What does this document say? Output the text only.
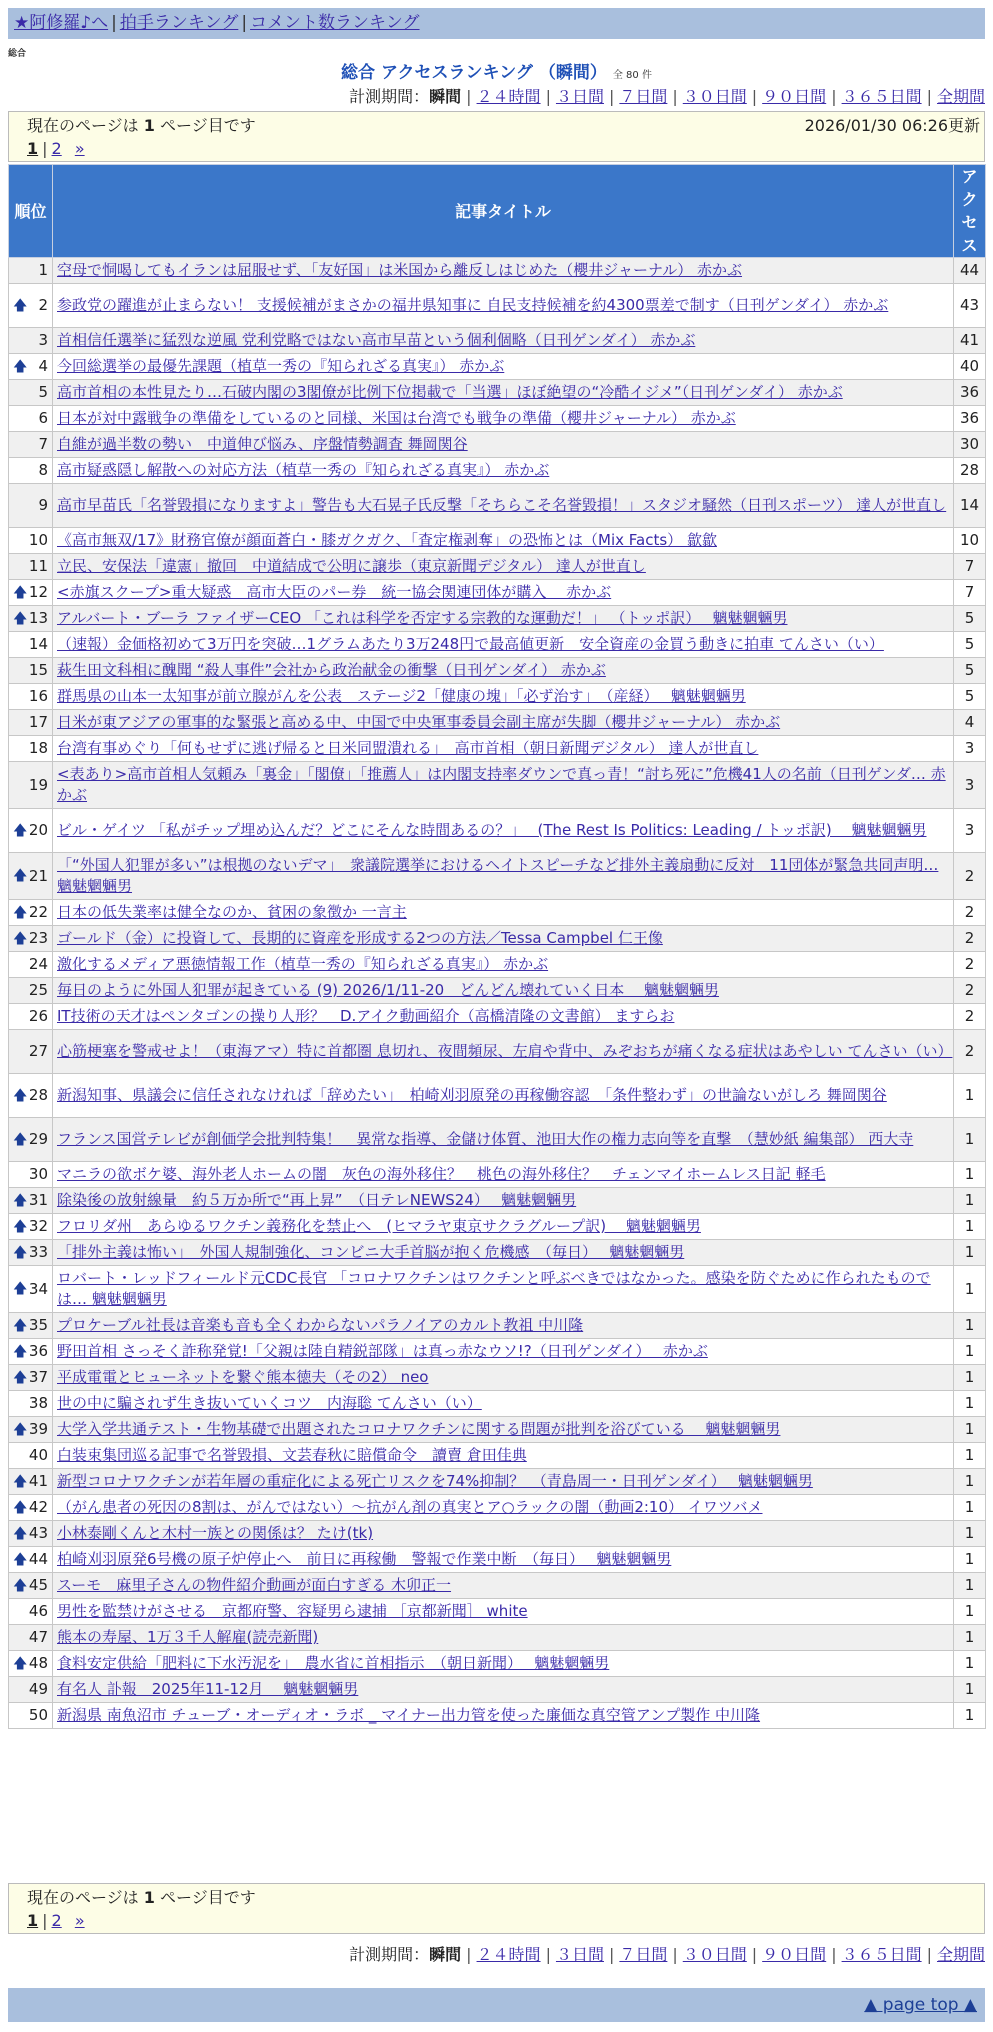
★阿修羅♪へ | 拍手ランキング | コメント数ランキング
総合
総合 アクセスランキング （瞬間） 全 80 件
計測期間：瞬間 | ２４時間 | ３日間 | ７日間 | ３０日間 | ９０日間 | ３６５日間 | 全期間
現在のページは 1 ページ目です	2026/01/30 06:26更新
1 | 2 »
順位	記事タイトル	アクセス
1	空母で恫喝してもイランは屈服せず、「友好国」は米国から離反しはじめた（櫻井ジャーナル） 赤かぶ	44

🡅 2	参政党の躍進が止まらない！ 支援候補がまさかの福井県知事に 自民支持候補を約4300票差で制す（日刊ゲンダイ） 赤かぶ	43
3	首相信任選挙に猛烈な逆風 党利党略ではない高市早苗という個利個略（日刊ゲンダイ） 赤かぶ	41

🡅 4	今回総選挙の最優先課題（植草一秀の『知られざる真実』） 赤かぶ	40
5	高市首相の本性見たり…石破内閣の3閣僚が比例下位掲載で「当選」ほぼ絶望の“冷酷イジメ”（日刊ゲンダイ） 赤かぶ	36
6	日本が対中露戦争の準備をしているのと同様、米国は台湾でも戦争の準備（櫻井ジャーナル） 赤かぶ	36
7	自維が過半数の勢い　中道伸び悩み、序盤情勢調査 舞岡関谷	30
8	高市疑惑隠し解散への対応方法（植草一秀の『知られざる真実』） 赤かぶ	28
9	高市早苗氏「名誉毀損になりますよ」警告も大石晃子氏反撃「そちらこそ名誉毀損！」スタジオ騒然（日刊スポーツ） 達人が世直し	14
10	《高市無双/17》財務官僚が顔面蒼白・膝ガクガク、「査定権剥奪」の恐怖とは（Mix Facts） 歙歙	10
11	立民、安保法「違憲」撤回　中道結成で公明に譲歩（東京新聞デジタル） 達人が世直し	7

🡅 12	<赤旗スクープ>重大疑惑　高市大臣のパー券　統一協会関連団体が購入　 赤かぶ	7

🡅 13	アルバート・ブーラ ファイザーCEO 「これは科学を否定する宗教的な運動だ！」 （トッポ訳）　 魑魅魍魎男	5
14	（速報）金価格初めて3万円を突破…1グラムあたり3万248円で最高値更新　安全資産の金買う動きに拍車 てんさい（い）	5
15	萩生田文科相に醜聞 “殺人事件”会社から政治献金の衝撃（日刊ゲンダイ） 赤かぶ	5
16	群馬県の山本一太知事が前立腺がんを公表　ステージ2「健康の塊」「必ず治す」　（産経）　 魑魅魍魎男	5
17	日米が東アジアの軍事的な緊張と高める中、中国で中央軍事委員会副主席が失脚（櫻井ジャーナル） 赤かぶ	4
18	台湾有事めぐり「何もせずに逃げ帰ると日米同盟潰れる」　高市首相（朝日新聞デジタル） 達人が世直し	3
19	<表あり>高市首相人気頼み「裏金」「閣僚」「推薦人」は内閣支持率ダウンで真っ青！“討ち死に”危機41人の名前（日刊ゲンダ… 赤かぶ	3

🡅 20	ビル・ゲイツ 「私がチップ埋め込んだ？どこにそんな時間あるの？」　 (The Rest Is Politics: Leading / トッポ訳)　 魑魅魍魎男	3

🡅 21	「“外国人犯罪が多い”は根拠のないデマ」　衆議院選挙におけるヘイトスピーチなど排外主義扇動に反対　11団体が緊急共同声明… 魑魅魍魎男	2

🡅 22	日本の低失業率は健全なのか、貧困の象徴か 一言主	2

🡅 23	ゴールド（金）に投資して、長期的に資産を形成する2つの方法／Tessa Campbel 仁王像	2
24	激化するメディア悪徳情報工作（植草一秀の『知られざる真実』） 赤かぶ	2
25	毎日のように外国人犯罪が起きている (9) 2026/1/11-20　どんどん壊れていく日本　 魑魅魍魎男	2
26	IT技術の天才はペンタゴンの操り人形？　D.アイク動画紹介（高橋清隆の文書館） ますらお	2
27	心筋梗塞を警戒せよ！（東海アマ）特に首都圏 息切れ、夜間頻尿、左肩や背中、みぞおちが痛くなる症状はあやしい てんさい（い）	2

🡅 28	新潟知事、県議会に信任されなければ「辞めたい」　柏崎刈羽原発の再稼働容認　「条件整わず」の世論ないがしろ 舞岡関谷	1

🡅 29	フランス国営テレビが創価学会批判特集！　異常な指導、金儲け体質、池田大作の権力志向等を直撃　（慧妙紙 編集部） 西大寺	1
30	マニラの欲ボケ婆、海外老人ホームの闇　灰色の海外移住？　桃色の海外移住？　チェンマイホームレス日記 軽毛	1

🡅 31	除染後の放射線量　約５万か所で“再上昇”　（日テレNEWS24）　 魑魅魍魎男	1

🡅 32	フロリダ州　あらゆるワクチン義務化を禁止へ　(ヒマラヤ東京サクラグループ訳)　 魑魅魍魎男	1

🡅 33	「排外主義は怖い」　外国人規制強化、コンビニ大手首脳が抱く危機感　（毎日）　 魑魅魍魎男	1

🡅 34	ロバート・レッドフィールド元CDC長官 「コロナワクチンはワクチンと呼ぶべきではなかった。感染を防ぐために作られたものでは… 魑魅魍魎男	1

🡅 35	プロケーブル社長は音楽も音も全くわからないパラノイアのカルト教祖 中川隆	1

🡅 36	野田首相 さっそく詐称発覚!「父親は陸自精鋭部隊」は真っ赤なウソ!?（日刊ゲンダイ）　 赤かぶ	1

🡅 37	平成電電とヒューネットを繋ぐ熊本徳夫（その2） neo	1
38	世の中に騙されず生き抜いていくコツ　内海聡 てんさい（い）	1

🡅 39	大学入学共通テスト・生物基礎で出題されたコロナワクチンに関する問題が批判を浴びている　 魑魅魍魎男	1
40	白装束集団巡る記事で名誉毀損、文芸春秋に賠償命令　讀賣 倉田佳典	1

🡅 41	新型コロナワクチンが若年層の重症化による死亡リスクを74%抑制？　（青島周一・日刊ゲンダイ）　 魑魅魍魎男	1

🡅 42	（がん患者の死因の8割は、がんではない）～抗がん剤の真実とア○ラックの闇（動画2:10） イワツバメ	1

🡅 43	小林泰剛くんと木村一族との関係は？ たけ(tk)	1

🡅 44	柏崎刈羽原発6号機の原子炉停止へ　前日に再稼働　警報で作業中断　（毎日）　 魑魅魍魎男	1

🡅 45	スーモ　麻里子さんの物件紹介動画が面白すぎる 木卯正一	1
46	男性を監禁けがさせる　京都府警、容疑男ら逮捕 ［京都新聞］ white	1
47	熊本の寿屋、1万３千人解雇(読売新聞)	1

🡅 48	食料安定供給「肥料に下水汚泥を」　農水省に首相指示　（朝日新聞）　 魑魅魍魎男	1
49	有名人 訃報　2025年11-12月　 魑魅魍魎男	1
50	新潟県 南魚沼市 チューブ・オーディオ・ラボ _ マイナー出力管を使った廉価な真空管アンプ製作 中川隆	1
現在のページは 1 ページ目です
1 | 2 »
計測期間：瞬間 | ２４時間 | ３日間 | ７日間 | ３０日間 | ９０日間 | ３６５日間 | 全期間
▲ page top ▲
